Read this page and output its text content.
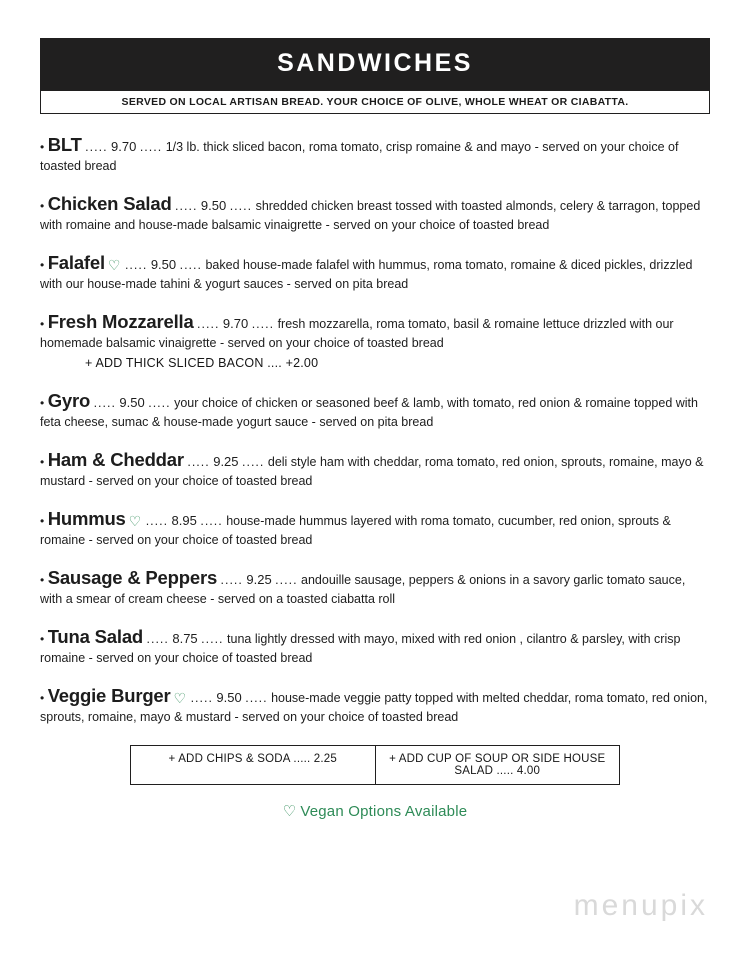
SANDWICHES
SERVED ON LOCAL ARTISAN BREAD. YOUR CHOICE OF OLIVE, WHOLE WHEAT OR CIABATTA.
• BLT ..... 9.70 ..... 1/3 lb. thick sliced bacon, roma tomato, crisp romaine & and mayo - served on your choice of toasted bread
• Chicken Salad ..... 9.50 ..... shredded chicken breast tossed with toasted almonds, celery & tarragon, topped with romaine and house-made balsamic vinaigrette - served on your choice of toasted bread
• Falafel ♡ ..... 9.50 ..... baked house-made falafel with hummus, roma tomato, romaine & diced pickles, drizzled with our house-made tahini & yogurt sauces - served on pita bread
• Fresh Mozzarella ..... 9.70 ..... fresh mozzarella, roma tomato, basil & romaine lettuce drizzled with our homemade balsamic vinaigrette - served on your choice of toasted bread
+ ADD THICK SLICED BACON .... +2.00
• Gyro ..... 9.50 ..... your choice of chicken or seasoned beef & lamb, with tomato, red onion & romaine topped with feta cheese, sumac & house-made yogurt sauce - served on pita bread
• Ham & Cheddar ..... 9.25 ..... deli style ham with cheddar, roma tomato, red onion, sprouts, romaine, mayo & mustard - served on your choice of toasted bread
• Hummus ♡ ..... 8.95 ..... house-made hummus layered with roma tomato, cucumber, red onion, sprouts & romaine - served on your choice of toasted bread
• Sausage & Peppers ..... 9.25 ..... andouille sausage, peppers & onions in a savory garlic tomato sauce, with a smear of cream cheese - served on a toasted ciabatta roll
• Tuna Salad ..... 8.75 ..... tuna lightly dressed with mayo, mixed with red onion , cilantro & parsley, with crisp romaine - served on your choice of toasted bread
• Veggie Burger ♡ ..... 9.50 ..... house-made veggie patty topped with melted cheddar, roma tomato, red onion, sprouts, romaine, mayo & mustard - served on your choice of toasted bread
+ ADD CHIPS & SODA ..... 2.25	+ ADD CUP OF SOUP OR SIDE HOUSE SALAD ..... 4.00
♡ Vegan Options Available
menupix
